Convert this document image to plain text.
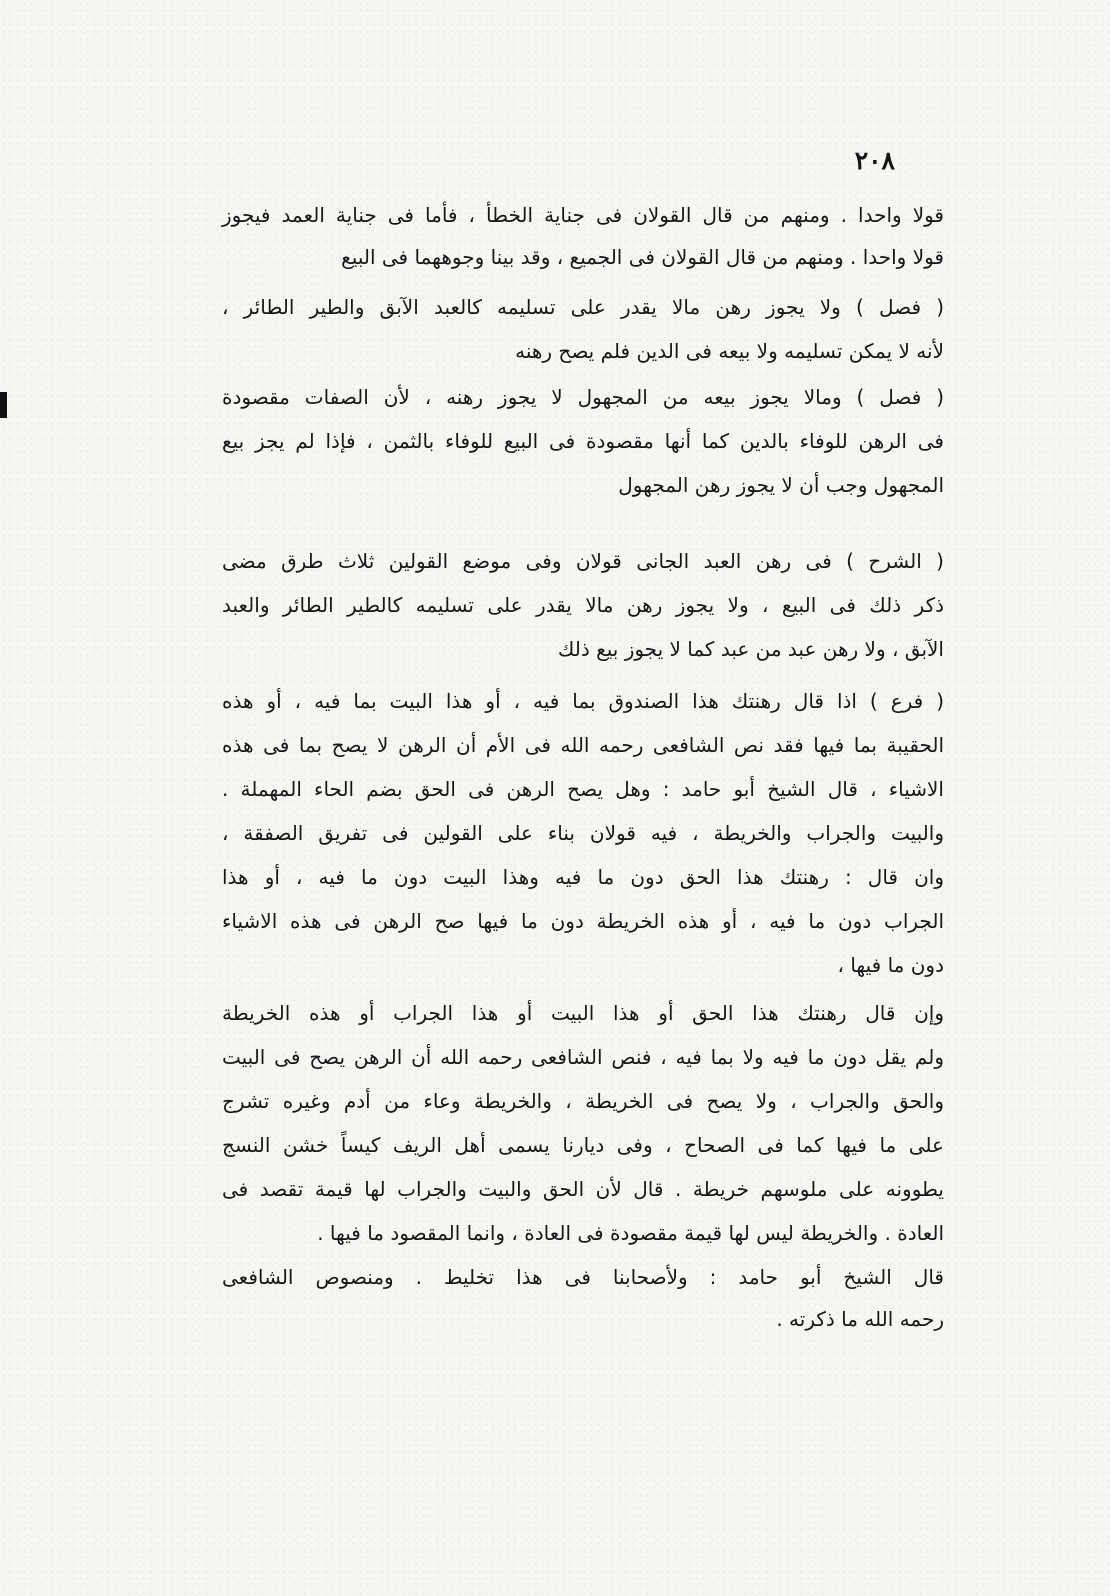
٢٠٨
قولا واحدا . ومنهم من قال القولان فى جناية الخطأ ، فأما فى جناية العمد فيجوز
قولا واحدا . ومنهم من قال القولان فى الجميع ، وقد بينا وجوههما فى البيع
( فصل ) ولا يجوز رهن مالا يقدر على تسليمه كالعبد الآبق والطير الطائر ،
لأنه لا يمكن تسليمه ولا بيعه فى الدين فلم يصح رهنه
( فصل ) ومالا يجوز بيعه من المجهول لا يجوز رهنه ، لأن الصفات مقصودة
فى الرهن للوفاء بالدين كما أنها مقصودة فى البيع للوفاء بالثمن ، فإذا لم يجز بيع
المجهول وجب أن لا يجوز رهن المجهول
( الشرح ) فى رهن العبد الجانى قولان وفى موضع القولين ثلاث طرق مضى
ذكر ذلك فى البيع ، ولا يجوز رهن مالا يقدر على تسليمه كالطير الطائر والعبد
الآبق ، ولا رهن عبد من عبد كما لا يجوز بيع ذلك
( فرع ) اذا قال رهنتك هذا الصندوق بما فيه ، أو هذا البيت بما فيه ، أو هذه
الحقيبة بما فيها فقد نص الشافعى رحمه الله فى الأم أن الرهن لا يصح بما فى هذه
الاشياء ، قال الشيخ أبو حامد : وهل يصح الرهن فى الحق بضم الحاء المهملة .
والبيت والجراب والخريطة ، فيه قولان بناء على القولين فى تفريق الصفقة ،
وان قال : رهنتك هذا الحق دون ما فيه وهذا البيت دون ما فيه ، أو هذا
الجراب دون ما فيه ، أو هذه الخريطة دون ما فيها صح الرهن فى هذه الاشياء
دون ما فيها ،
وإن قال رهنتك هذا الحق أو هذا البيت أو هذا الجراب أو هذه الخريطة
ولم يقل دون ما فيه ولا بما فيه ، فنص الشافعى رحمه الله أن الرهن يصح فى البيت
والحق والجراب ، ولا يصح فى الخريطة ، والخريطة وعاء من أدم وغيره تشرج
على ما فيها كما فى الصحاح ، وفى ديارنا يسمى أهل الريف كيساً خشن النسج
يطوونه على ملوسهم خريطة . قال لأن الحق والبيت والجراب لها قيمة تقصد فى
العادة . والخريطة ليس لها قيمة مقصودة فى العادة ، وانما المقصود ما فيها .
قال الشيخ أبو حامد : ولأصحابنا فى هذا تخليط . ومنصوص الشافعى
رحمه الله ما ذكرته .
